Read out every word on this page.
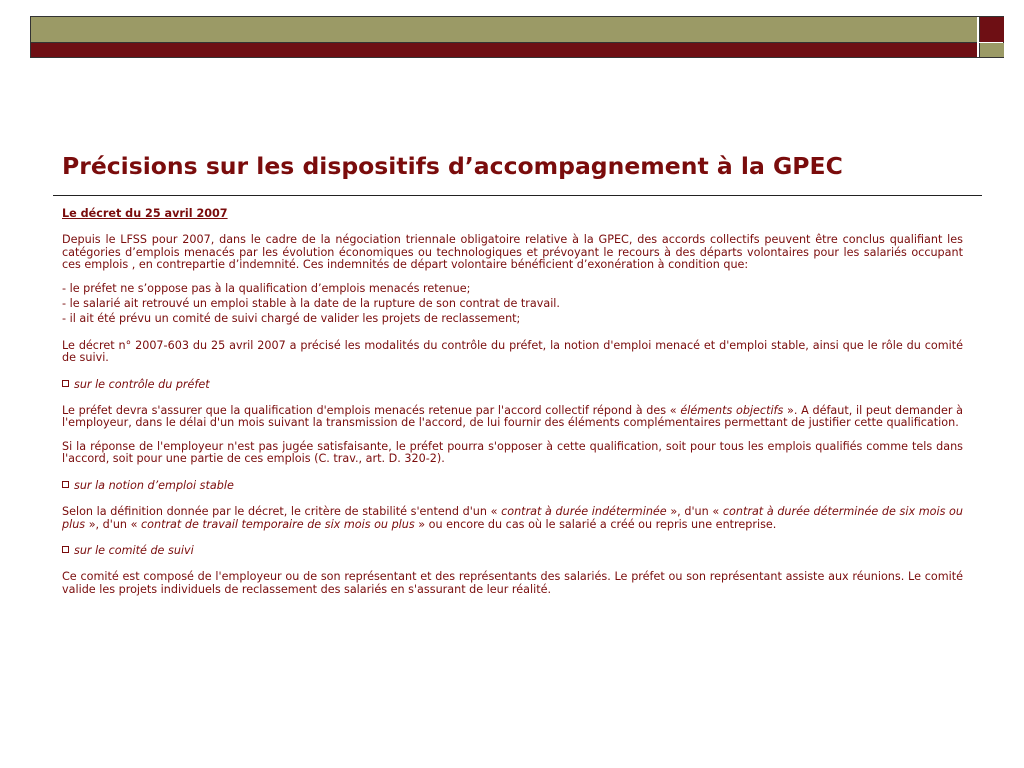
Précisions sur les dispositifs d’accompagnement à la GPEC

Le décret du 25 avril 2007

Depuis le LFSS pour 2007, dans le cadre de la négociation triennale obligatoire relative à la GPEC, des accords collectifs peuvent être conclus qualifiant les catégories d’emplois menacés par les évolution économiques ou technologiques et prévoyant le recours à des départs volontaires pour les salariés occupant ces emplois , en contrepartie d’indemnité. Ces indemnités de départ volontaire bénéficient d’exonération à condition que:

- le préfet ne s’oppose pas à la qualification d’emplois menacés retenue;

- le salarié ait retrouvé un emploi stable à la date de la rupture de son contrat de travail.

- il ait été prévu un comité de suivi chargé de valider les projets de reclassement;

Le décret n° 2007-603 du 25 avril 2007 a précisé les modalités du contrôle du préfet, la notion d'emploi menacé et d'emploi stable, ainsi que le rôle du comité de suivi.

sur le contrôle du préfet

Le préfet devra s'assurer que la qualification d'emplois menacés retenue par l'accord collectif répond à des « éléments objectifs ». A défaut, il peut demander à l'employeur, dans le délai d'un mois suivant la transmission de l'accord, de lui fournir des éléments complémentaires permettant de justifier cette qualification.

Si la réponse de l'employeur n'est pas jugée satisfaisante, le préfet pourra s'opposer à cette qualification, soit pour tous les emplois qualifiés comme tels dans l'accord, soit pour une partie de ces emplois (C. trav., art. D. 320-2).

sur la notion d’emploi stable

Selon la définition donnée par le décret, le critère de stabilité s'entend d'un « contrat à durée indéterminée », d'un « contrat à durée déterminée de six mois ou plus », d'un « contrat de travail temporaire de six mois ou plus » ou encore du cas où le salarié a créé ou repris une entreprise.

sur le comité de suivi

Ce comité est composé de l'employeur ou de son représentant et des représentants des salariés. Le préfet ou son représentant assiste aux réunions. Le comité valide les projets individuels de reclassement des salariés en s'assurant de leur réalité.
